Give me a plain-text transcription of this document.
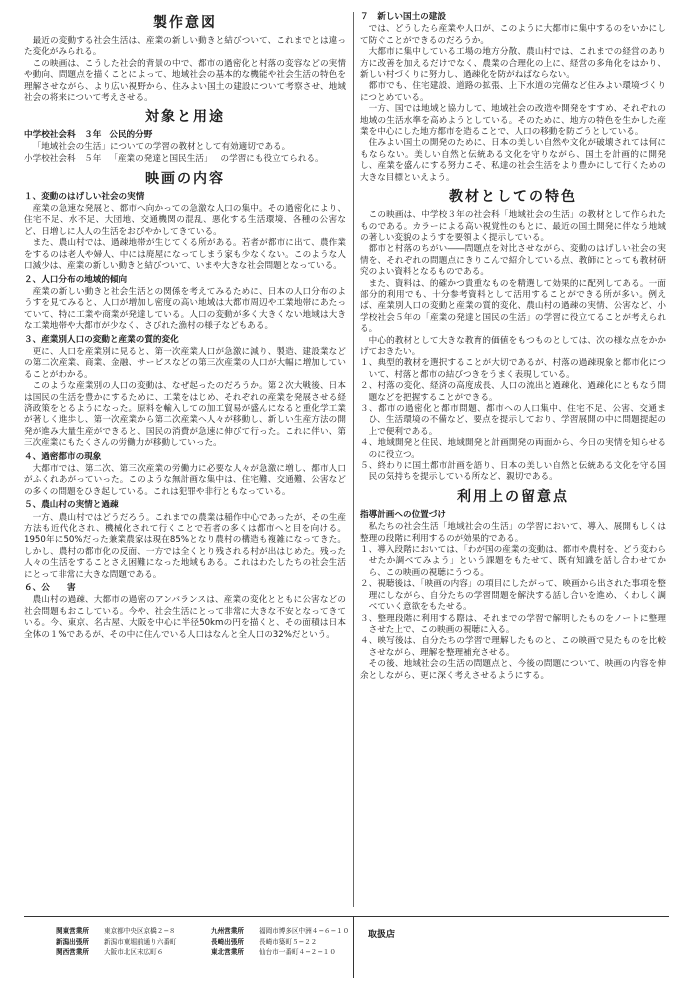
製作意図

最近の変動する社会生活は、産業の新しい動きと結びついて、これまでとは違った変化がみられる。

この映画は、こうした社会的背景の中で、都市の過密化と村落の変容などの実情や動向、問題点を描くことによって、地域社会の基本的な機能や社会生活の特色を理解させながら、より広い視野から、住みよい国土の建設について考察させ、地域社会の将来について考えさせる。

対象と用途
中学校社会科　３年 公民的分野

「地域社会の生活」についての学習の教材として有効適切である。

小学校社会科　５年 「産業の発達と国民生活」 の学習にも役立てられる。
映画の内容
１、変動のはげしい社会の実情

産業の急速な発展と、都市へ向かっての急激な人口の集中。その過密化により、住宅不足、水不足、大団地、交通機関の混乱、悪化する生活環境、各種の公害など、日増しに人人の生活をおびやかしてきている。

また、農山村では、過疎地帯が生じてくる所がある。若者が都市に出て、農作業をするのは老人や婦人、中には廃屋になってしまう家も少なくない。このような人口減少は、産業の新しい動きと結びついて、いまや大きな社会問題となっている。

２、人口分布の地域的傾向

産業の新しい動きと社会生活との関係を考えてみるために、日本の人口分布のようすを見てみると、人口が増加し密度の高い地域は大都市周辺や工業地帯にあたっていて、特に工業や商業が発達している。人口の変動が多く大きくない地域は大きな工業地帯や大都市が少なく、さびれた漁村の様子などもある。

３、産業別人口の変動と産業の質的変化

更に、人口を産業別に見ると、第一次産業人口が急激に減り、製造、建設業などの第二次産業、商業、金融、サービスなどの第三次産業の人口が大幅に増加していることがわかる。

このような産業別の人口の変動は、なぜ起ったのだろうか。第２次大戦後、日本は国民の生活を豊かにするために、工業をはじめ、それぞれの産業を発展させる経済政策をとるようになった。原料を輸入しての加工貿易が盛んになると重化学工業が著しく進歩し、第一次産業から第二次産業へ人々が移動し、新しい生産方法の開発が進み大量生産ができると、国民の消費が急速に伸びて行った。これに伴い、第三次産業にもたくさんの労働力が移動していった。

４、過密都市の現象

大都市では、第二次、第三次産業の労働力に必要な人々が急激に増し、都市人口がふくれあがっていった。このような無計画な集中は、住宅難、交通難、公害などの多くの問題をひき起している。これは犯罪や非行ともなっている。

５、農山村の実情と過疎

一方、農山村ではどうだろう。これまでの農業は稲作中心であったが、その生産方法も近代化され、機械化されて行くことで若者の多くは都市へと目を向ける。1950年に50%だった兼業農家は現在85%となり農村の構造も複雑になってきた。しかし、農村の都市化の反面、一方では全くとり残される村が出はじめた。残った人々の生活をすることさえ困難になった地域もある。これはわたしたちの社会生活にとって非常に大きな問題である。

６、公　　害

農山村の過疎、大都市の過密のアンバランスは、産業の変化とともに公害などの社会問題もおこしている。今や、社会生活にとって非常に大きな不安となってきている。今、東京、名古屋、大阪を中心に半径50kmの円を描くと、その面積は日本全体の１%であるが、その中に住んでいる人口はなんと全人口の32%だという。

７　新しい国土の建設

では、どうしたら産業や人口が、このように大都市に集中するのをいかにして防ぐことができるのだろうか。

大都市に集中している工場の地方分散、農山村では、これまでの経営のあり方に改善を加えるだけでなく、農業の合理化の上に、経営の多角化をはかり、新しい村づくりに努力し、過疎化を防がねばならない。

都市でも、住宅建設、道路の拡張、上下水道の完備など住みよい環境づくりにつとめている。

一方、国では地域と協力して、地域社会の改造や開発をすすめ、それぞれの地域の生活水準を高めようとしている。そのために、地方の特色を生かした産業を中心にした地方都市を造ることで、人口の移動を防ごうとしている。

住みよい国土の開発のために、日本の美しい自然や文化が破壊されては何にもならない。美しい自然と伝統ある文化を守りながら、国土を計画的に開発し、産業を盛んにする努力こそ、私達の社会生活をより豊かにして行くための大きな目標といえよう。

教材としての特色

この映画は、中学校３年の社会科「地域社会の生活」の教材として作られたものである。カラーによる高い視覚性のもとに、最近の国土開発に伴なう地域の著しい変貌のようすを要領よく提示している。

都市と村落のちがい――問題点を対比させながら、変動のはげしい社会の実情を、それぞれの問題点にきりこんで紹介している点、教師にとっても教材研究のよい資料となるものである。

また、資料は、的確かつ貴重なものを精選して効果的に配列してある。一面部分的利用でも、十分参考資料として活用することができる所が多い。例えば、産業別人口の変動と産業の質的変化、農山村の過疎の実情、公害など、小学校社会５年の「産業の発達と国民の生活」の学習に役立てることが考えられる。

中心的教材として大きな教育的価値をもつものとしては、次の様な点をかかげておきたい。

１、典型的教材を選択することが大切であるが、村落の過疎現象と都市化について、村落と都市の結びつきをうまく表現している。

２、村落の変化、経済の高度成長、人口の流出と過疎化、過疎化にともなう問題などを把握することができる。

３、都市の過密化と都市問題、都市への人口集中、住宅不足、公害、交通ま ひ、生活環境の不備など、要点を提示しており、学習展開の中に問題提起の上で便利である。

４、地域開発と住民、地域開発と計画開発の両面から、今日の実情を知らせるのに役立つ。

５、終わりに国土都市計画を語り、日本の美しい自然と伝統ある文化を守る国民の気持ちを提示している所など、親切である。

利用上の留意点
指導計画への位置づけ

私たちの社会生活「地域社会の生活」の学習において、導入、展開もしくは整理の段階に利用するのが効果的である。

１、導入段階においては、「わが国の産業の変動は、都市や農村を、どう変わらせたか調べてみよう」という課題をもたせて、既有知識を話し合わせてから、この映画の視聴にうつる。

２、視聴後は、「映画の内容」の項目にしたがって、映画から出された事項を整理にしながら、自分たちの学習問題を解決する話し合いを進め、くわしく調べていく意欲をもたせる。

３、整理段階に利用する際は、それまでの学習で解明したものをノートに整理させた上で、この映画の視聴に入る。

４、映写後は、自分たちの学習で理解したものと、この映画で見たものを比較させながら、理解を整理補充させる。

その後、地域社会の生活の問題点と、今後の問題について、映画の内容を伸余としながら、更に深く考えさせるようにする。

関東営業所	東京都中央区京橋２−８	九州営業所	福岡市博多区中洲４−６−１０
新潟出張所	新潟市東堀前通り六番町	長崎出張所	長崎市築町５−２２
関西営業所	大阪市北区末広町６	東北営業所	仙台市一番町４−２−１０
取扱店
